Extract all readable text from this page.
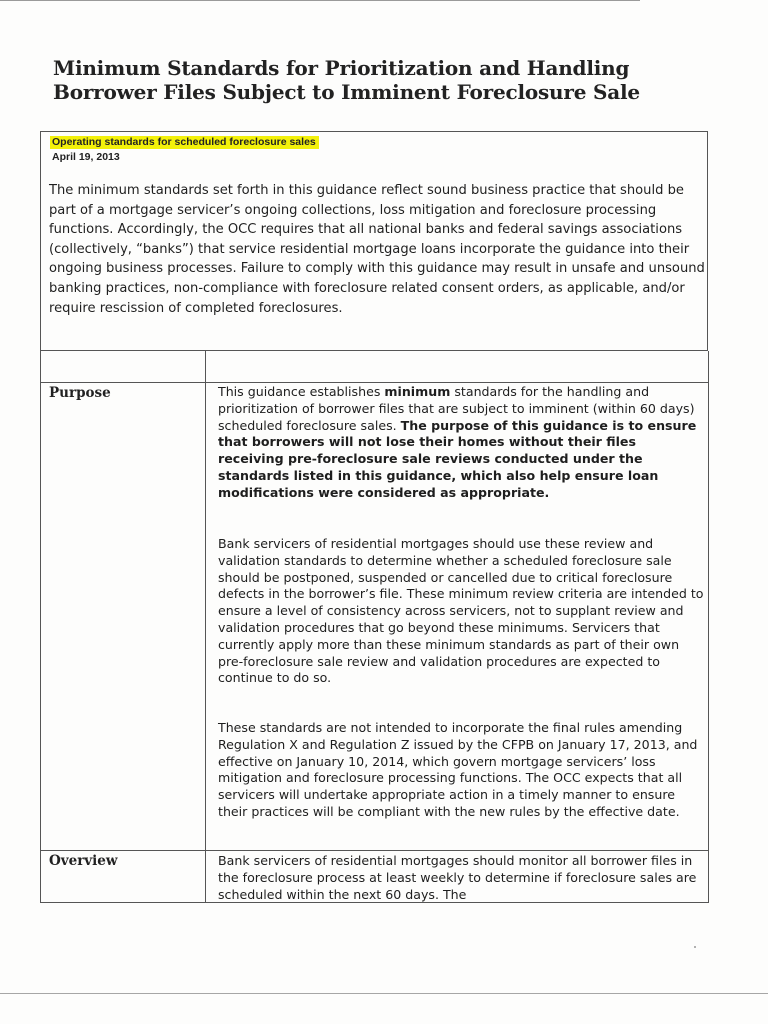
Minimum Standards for Prioritization and Handling
Borrower Files Subject to Imminent Foreclosure Sale
Operating standards for scheduled foreclosure sales
April 19, 2013

The minimum standards set forth in this guidance reflect sound business practice that should be part of a mortgage servicer’s ongoing collections, loss mitigation and foreclosure processing functions. Accordingly, the OCC requires that all national banks and federal savings associations (collectively, “banks”) that service residential mortgage loans incorporate the guidance into their ongoing business processes. Failure to comply with this guidance may result in unsafe and unsound banking practices, non-compliance with foreclosure related consent orders, as applicable, and/or require rescission of completed foreclosures.

Purpose	This guidance establishes minimum standards for the handling and prioritization of borrower files that are subject to imminent (within 60 days) scheduled foreclosure sales. The purpose of this guidance is to ensure that borrowers will not lose their homes without their files receiving pre-foreclosure sale reviews conducted under the standards listed in this guidance, which also help ensure loan modifications were considered as appropriate.

Bank servicers of residential mortgages should use these review and validation standards to determine whether a scheduled foreclosure sale should be postponed, suspended or cancelled due to critical foreclosure defects in the borrower’s file. These minimum review criteria are intended to ensure a level of consistency across servicers, not to supplant review and validation procedures that go beyond these minimums. Servicers that currently apply more than these minimum standards as part of their own pre-foreclosure sale review and validation procedures are expected to continue to do so.

These standards are not intended to incorporate the final rules amending Regulation X and Regulation Z issued by the CFPB on January 17, 2013, and effective on January 10, 2014, which govern mortgage servicers’ loss mitigation and foreclosure processing functions. The OCC expects that all servicers will undertake appropriate action in a timely manner to ensure their practices will be compliant with the new rules by the effective date.

Overview	Bank servicers of residential mortgages should monitor all borrower files in the foreclosure process at least weekly to determine if foreclosure sales are scheduled within the next 60 days. The
